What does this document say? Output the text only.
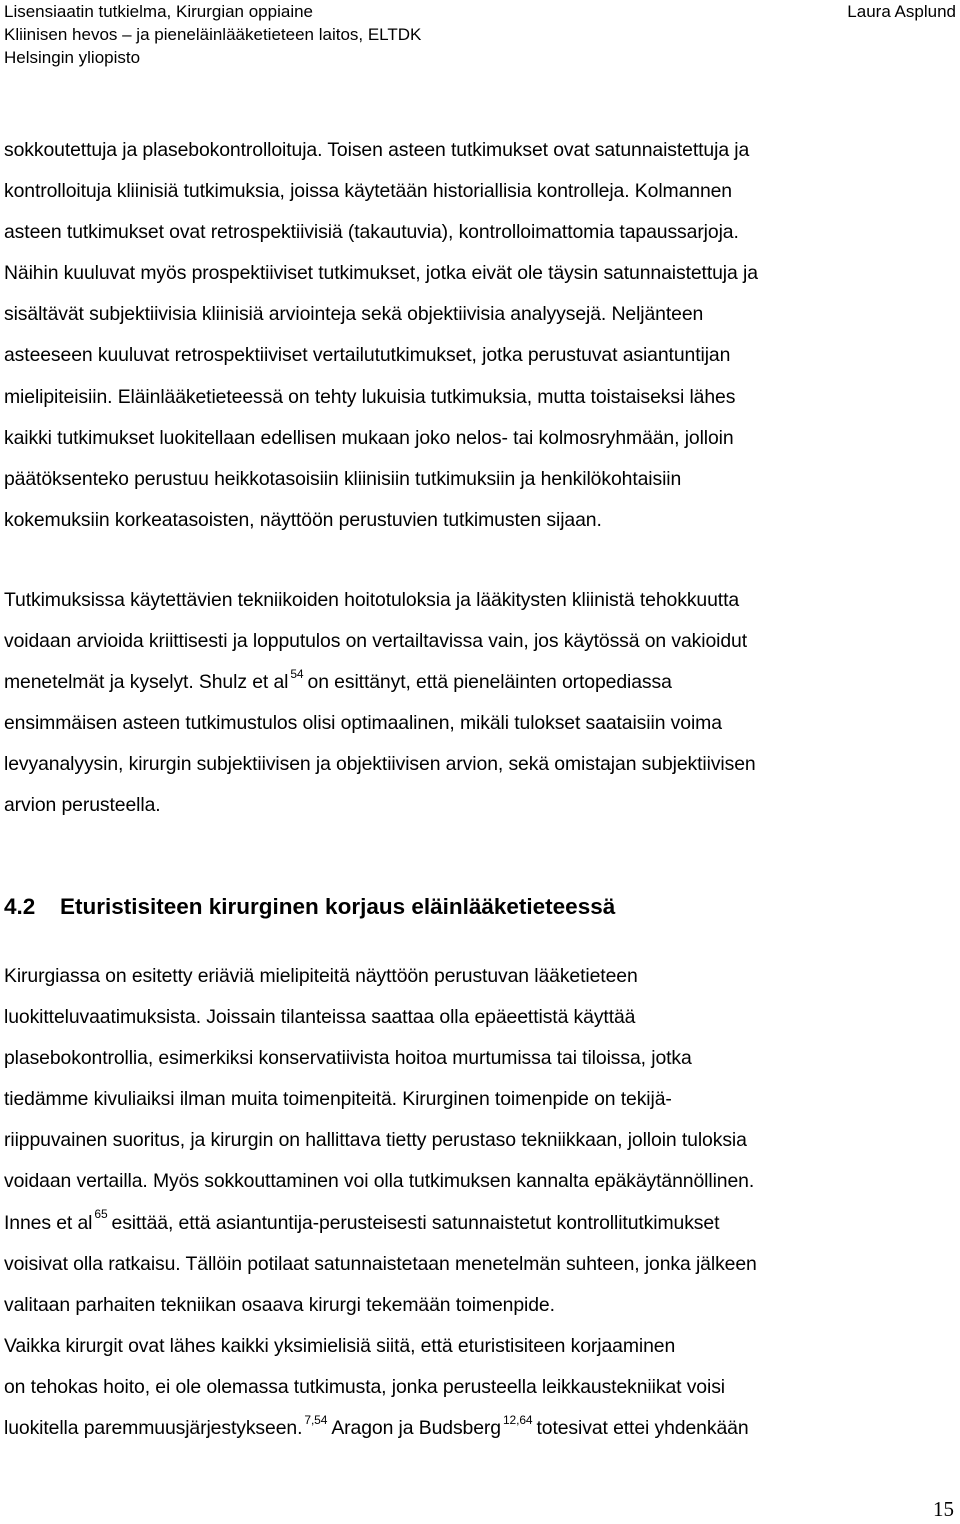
Lisensiaatin tutkielma, Kirurgian oppiaine
Kliinisen hevos – ja pieneläinlääketieteen laitos, ELTDK
Helsingin yliopisto
Laura Asplund
sokkoutettuja ja plasebokontrolloituja. Toisen asteen tutkimukset ovat satunnaistettuja ja
kontrolloituja kliinisiä tutkimuksia, joissa käytetään historiallisia kontrolleja. Kolmannen
asteen tutkimukset ovat retrospektiivisiä (takautuvia), kontrolloimattomia tapaussarjoja.
Näihin kuuluvat myös prospektiiviset tutkimukset, jotka eivät ole täysin satunnaistettuja ja
sisältävät subjektiivisia kliinisiä arviointeja sekä objektiivisia analyysejä. Neljänteen
asteeseen kuuluvat retrospektiiviset vertailututkimukset, jotka perustuvat asiantuntijan
mielipiteisiin. Eläinlääketieteessä on tehty lukuisia tutkimuksia, mutta toistaiseksi lähes
kaikki tutkimukset luokitellaan edellisen mukaan joko nelos- tai kolmosryhmään, jolloin
päätöksenteko perustuu heikkotasoisiin kliinisiin tutkimuksiin ja henkilökohtaisiin
kokemuksiin korkeatasoisten, näyttöön perustuvien tutkimusten sijaan.
Tutkimuksissa käytettävien tekniikoiden hoitotuloksia ja lääkitysten kliinistä tehokkuutta
voidaan arvioida kriittisesti ja lopputulos on vertailtavissa vain, jos käytössä on vakioidut
menetelmät ja kyselyt. Shulz et al $^{54}$ on esittänyt, että pieneläinten ortopediassa
ensimmäisen asteen tutkimustulos olisi optimaalinen, mikäli tulokset saataisiin voima
levyanalyysin, kirurgin subjektiivisen ja objektiivisen arvion, sekä omistajan subjektiivisen
arvion perusteella.
4.2 Eturistisiteen kirurginen korjaus eläinlääketieteessä
Kirurgiassa on esitetty eriäviä mielipiteitä näyttöön perustuvan lääketieteen
luokitteluvaatimuksista. Joissain tilanteissa saattaa olla epäeettistä käyttää
plasebokontrollia, esimerkiksi konservatiivista hoitoa murtumissa tai tiloissa, jotka
tiedämme kivuliaiksi ilman muita toimenpiteitä. Kirurginen toimenpide on tekijä-
riippuvainen suoritus, ja kirurgin on hallittava tietty perustaso tekniikkaan, jolloin tuloksia
voidaan vertailla. Myös sokkouttaminen voi olla tutkimuksen kannalta epäkäytännöllinen.
Innes et al $^{65}$ esittää, että asiantuntija-perusteisesti satunnaistetut kontrollitutkimukset
voisivat olla ratkaisu. Tällöin potilaat satunnaistetaan menetelmän suhteen, jonka jälkeen
valitaan parhaiten tekniikan osaava kirurgi tekemään toimenpide.
Vaikka kirurgit ovat lähes kaikki yksimielisiä siitä, että eturistisiteen korjaaminen
on tehokas hoito, ei ole olemassa tutkimusta, jonka perusteella leikkaustekniikat voisi
luokitella paremmuusjärjestykseen. $^{7,54}$ Aragon ja Budsberg $^{12,64}$ totesivat ettei yhdenkään
15
